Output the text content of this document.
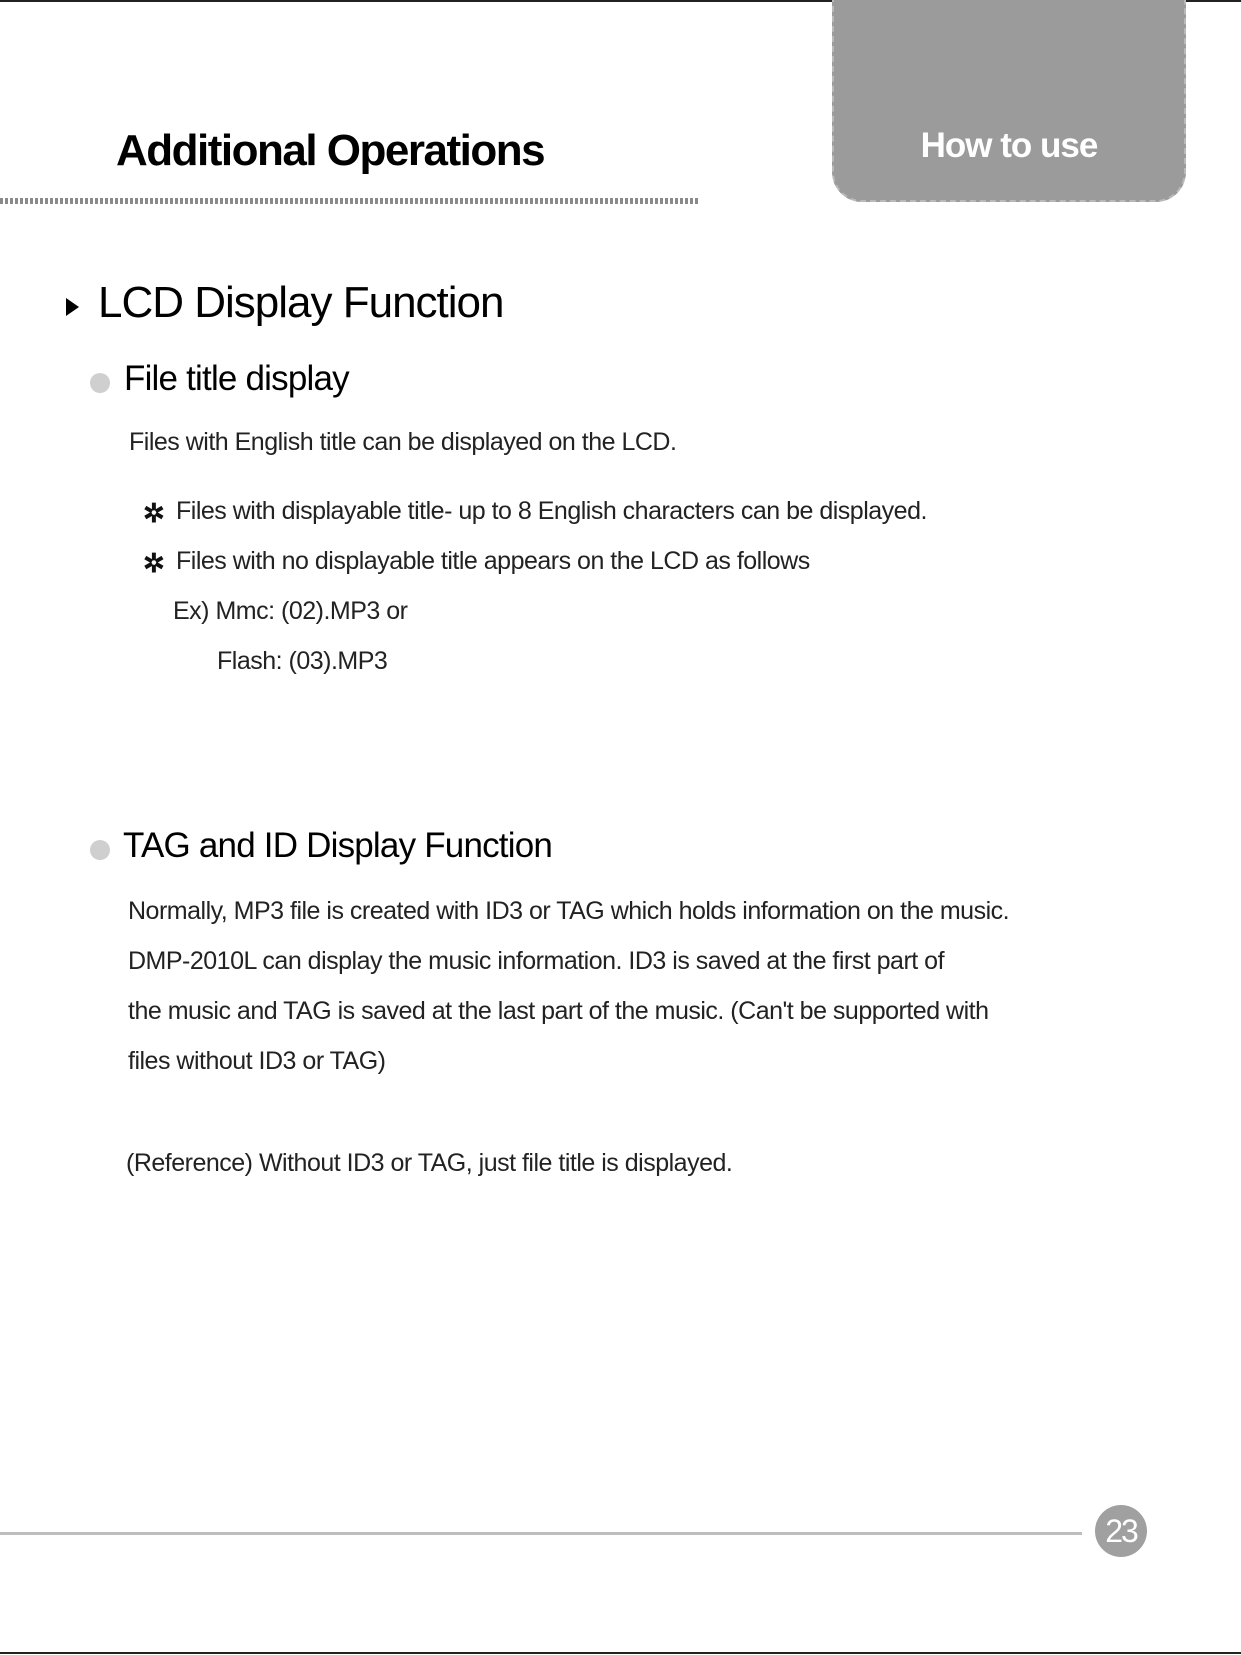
How to use
Additional Operations
LCD Display Function
File title display
Files with English title can be displayed on the LCD.
✲ Files with displayable title- up to 8 English characters can be displayed.
✲ Files with no displayable title appears on the LCD as follows
Ex) Mmc: (02).MP3 or
Flash: (03).MP3
TAG and ID Display Function
Normally, MP3 file is created with ID3 or TAG which holds information on the music.
DMP-2010L can display the music information. ID3 is saved at the first part of
the music and TAG is saved at the last part of the music. (Can't be supported with
files without ID3 or TAG)
(Reference) Without ID3 or TAG, just file title is displayed.
23
